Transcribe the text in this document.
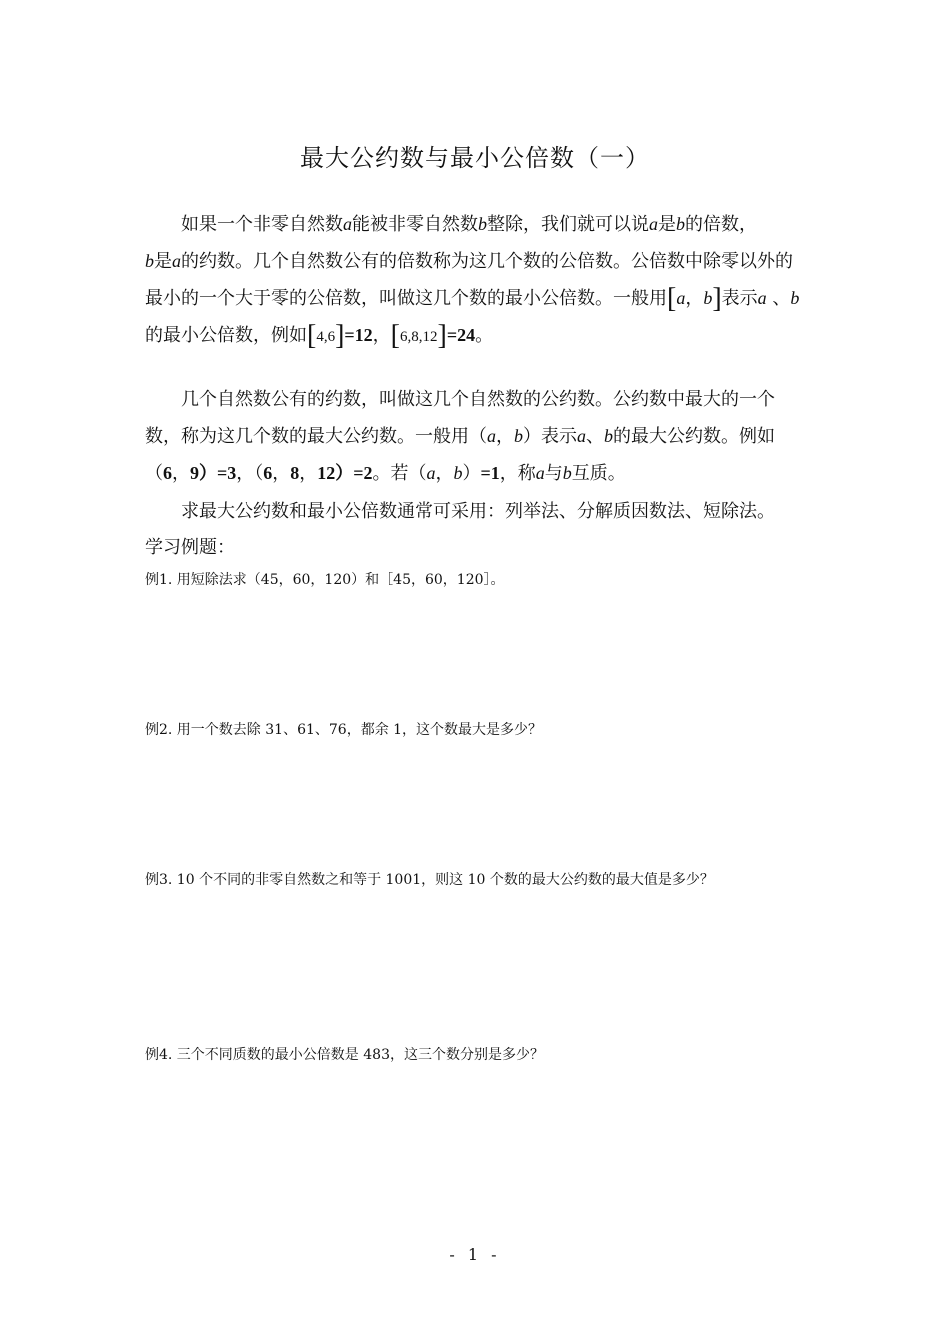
最大公约数与最小公倍数（一）
如果一个非零自然数a能被非零自然数b整除，我们就可以说a是b的倍数，
b是a的约数。几个自然数公有的倍数称为这几个数的公倍数。公倍数中除零以外的最小的一个大于零的公倍数，叫做这几个数的最小公倍数。一般用[a，b]表示a 、b的最小公倍数，例如[4,6]=12，[6,8,12]=24。
几个自然数公有的约数，叫做这几个自然数的公约数。公约数中最大的一个数，称为这几个数的最大公约数。一般用（a，b）表示a、b的最大公约数。例如（6，9）=3，（6，8，12）=2。若（a，b）=1，称a与b互质。
求最大公约数和最小公倍数通常可采用：列举法、分解质因数法、短除法。
学习例题：
例1. 用短除法求（45，60，120）和［45，60，120］。
例2. 用一个数去除 31、61、76，都余 1，这个数最大是多少？
例3. 10 个不同的非零自然数之和等于 1001，则这 10 个数的最大公约数的最大值是多少？
例4. 三个不同质数的最小公倍数是 483，这三个数分别是多少？
- 1 -
